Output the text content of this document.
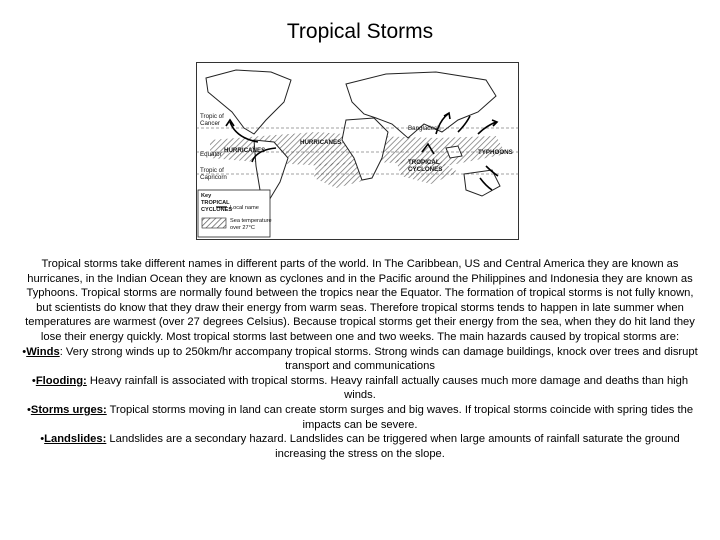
Tropical Storms
Tropic of
Cancer
Equator
Tropic of
Capricorn
HURRICANES
HURRICANES
Bangladesh
TYPHOONS
TROPICAL
CYCLONES
Key
TROPICAL
CYCLONES
Local name
Sea temperature
over 27°C

Tropical storms take different names in different parts of the world. In The Caribbean, US and Central America they are known as hurricanes, in the Indian Ocean they are known as cyclones and in the Pacific around the Philippines and Indonesia they are known as Typhoons. Tropical storms are normally found between the tropics near the Equator. The formation of tropical storms is not fully known, but scientists do know that they draw their energy from warm seas. Therefore tropical storms tends to happen in late summer when temperatures are warmest (over 27 degrees Celsius). Because tropical storms get their energy from the sea, when they do hit land they lose their energy quickly. Most tropical storms last between one and two weeks. The main hazards caused by tropical storms are:

•Winds: Very strong winds up to 250km/hr accompany tropical storms. Strong winds can damage buildings, knock over trees and disrupt transport and communications

•Flooding: Heavy rainfall is associated with tropical storms. Heavy rainfall actually causes much more damage and deaths than high winds.

•Storms urges: Tropical storms moving in land can create storm surges and big waves. If tropical storms coincide with spring tides the impacts can be severe.

•Landslides: Landslides are a secondary hazard. Landslides can be triggered when large amounts of rainfall saturate the ground increasing the stress on the slope.
